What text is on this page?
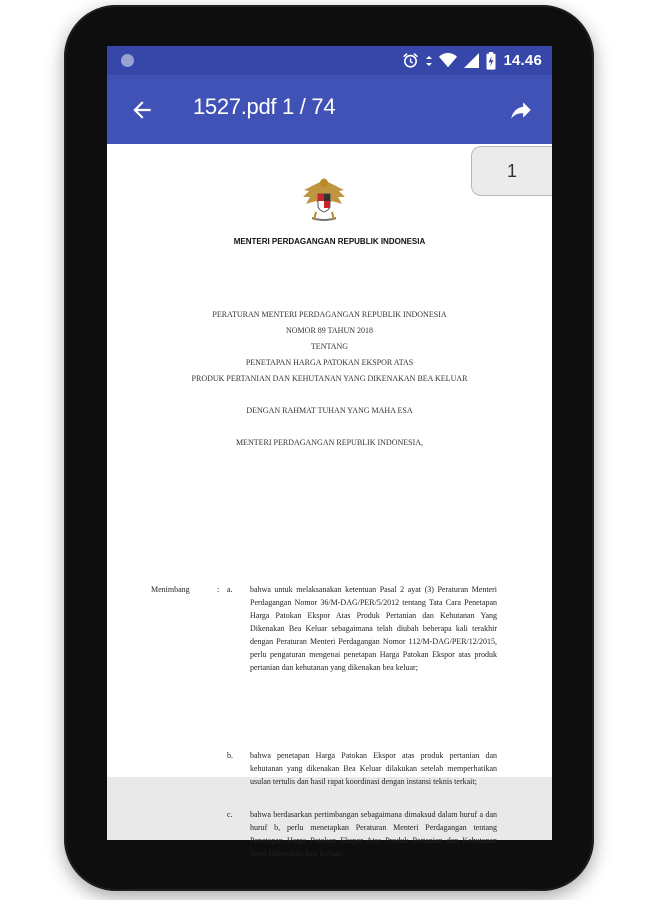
14.46
1527.pdf 1 / 74
MENTERI PERDAGANGAN REPUBLIK INDONESIA
PERATURAN MENTERI PERDAGANGAN REPUBLIK INDONESIA
NOMOR 89 TAHUN 2018
TENTANG
PENETAPAN HARGA PATOKAN EKSPOR ATAS
PRODUK PERTANIAN DAN KEHUTANAN YANG DIKENAKAN BEA KELUAR
DENGAN RAHMAT TUHAN YANG MAHA ESA
MENTERI PERDAGANGAN REPUBLIK INDONESIA,
Menimbang	: a. bahwa untuk melaksanakan ketentuan Pasal 2 ayat (3) Peraturan Menteri Perdagangan Nomor 36/M-DAG/PER/5/2012 tentang Tata Cara Penetapan Harga Patokan Ekspor Atas Produk Pertanian dan Kehutanan Yang Dikenakan Bea Keluar sebagaimana telah diubah beberapa kali terakhir dengan Peraturan Menteri Perdagangan Nomor 112/M-DAG/PER/12/2015, perlu pengaturan mengenai penetapan Harga Patokan Ekspor atas produk pertanian dan kehutanan yang dikenakan bea keluar;

b. bahwa penetapan Harga Patokan Ekspor atas produk pertanian dan kehutanan yang dikenakan Bea Keluar dilakukan setelah memperhatikan usulan tertulis dan hasil rapat koordinasi dengan instansi teknis terkait;

c. bahwa berdasarkan pertimbangan sebagaimana dimaksud dalam huruf a dan huruf b, perlu menetapkan Peraturan Menteri Perdagangan tentang Penetapan Harga Patokan Ekspor Atas Produk Pertanian dan Kehutanan Yang Dikenakan Bea Keluar;

1
